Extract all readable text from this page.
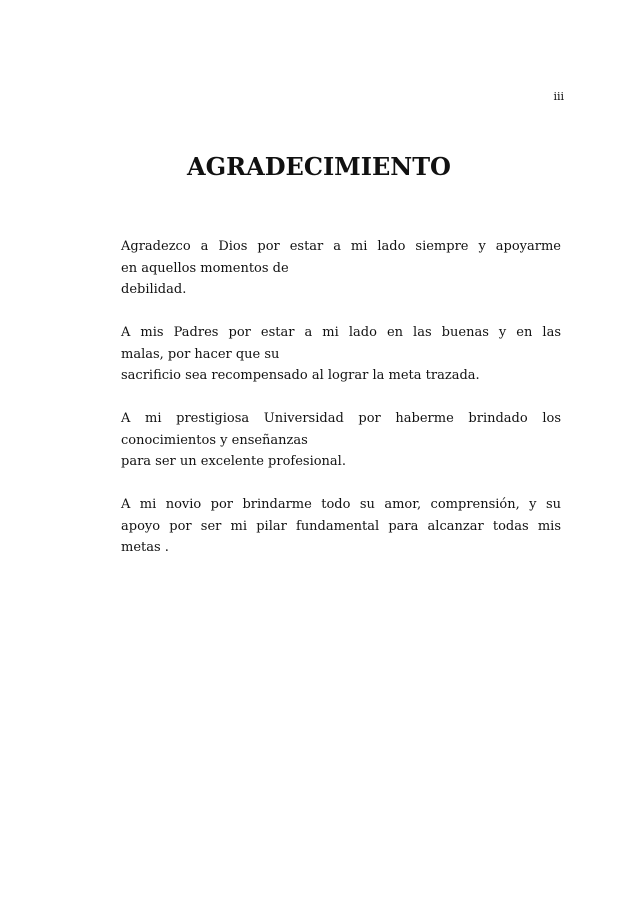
iii
AGRADECIMIENTO

Agradezco a Dios por estar a mi lado siempre y apoyarme
en aquellos momentos de
debilidad.

A mis Padres por estar a mi lado en las buenas y en las
malas, por hacer que su
sacrificio sea recompensado al lograr la meta trazada.

A mi prestigiosa Universidad por haberme brindado los
conocimientos y enseñanzas
para ser un excelente profesional.

A mi novio por brindarme todo su amor, comprensión, y su
apoyo por ser mi pilar fundamental para alcanzar todas mis
metas .
